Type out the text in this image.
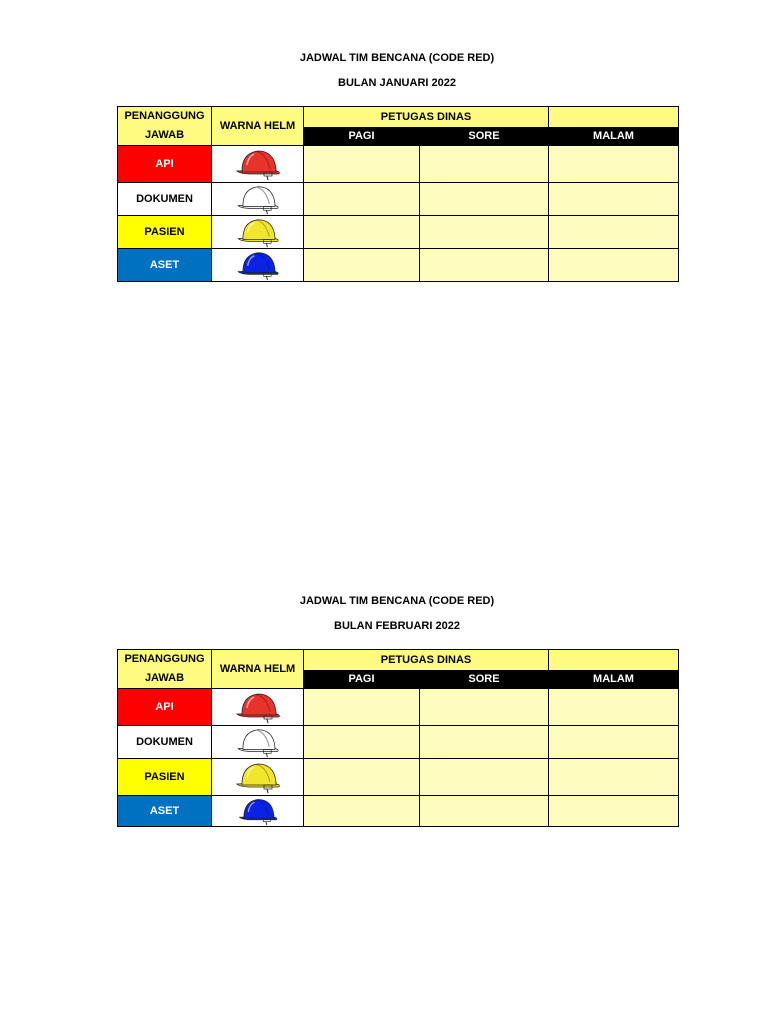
JADWAL TIM BENCANA (CODE RED)
BULAN JANUARI 2022
PENANGGUNG JAWAB	WARNA HELM	PETUGAS DINAS		
		PAGI	SORE	MALAM
API	

DOKUMEN	

PASIEN	

ASET	

JADWAL TIM BENCANA (CODE RED)
BULAN FEBRUARI 2022
PENANGGUNG JAWAB	WARNA HELM	PETUGAS DINAS		
		PAGI	SORE	MALAM
API	

DOKUMEN	

PASIEN	

ASET	
